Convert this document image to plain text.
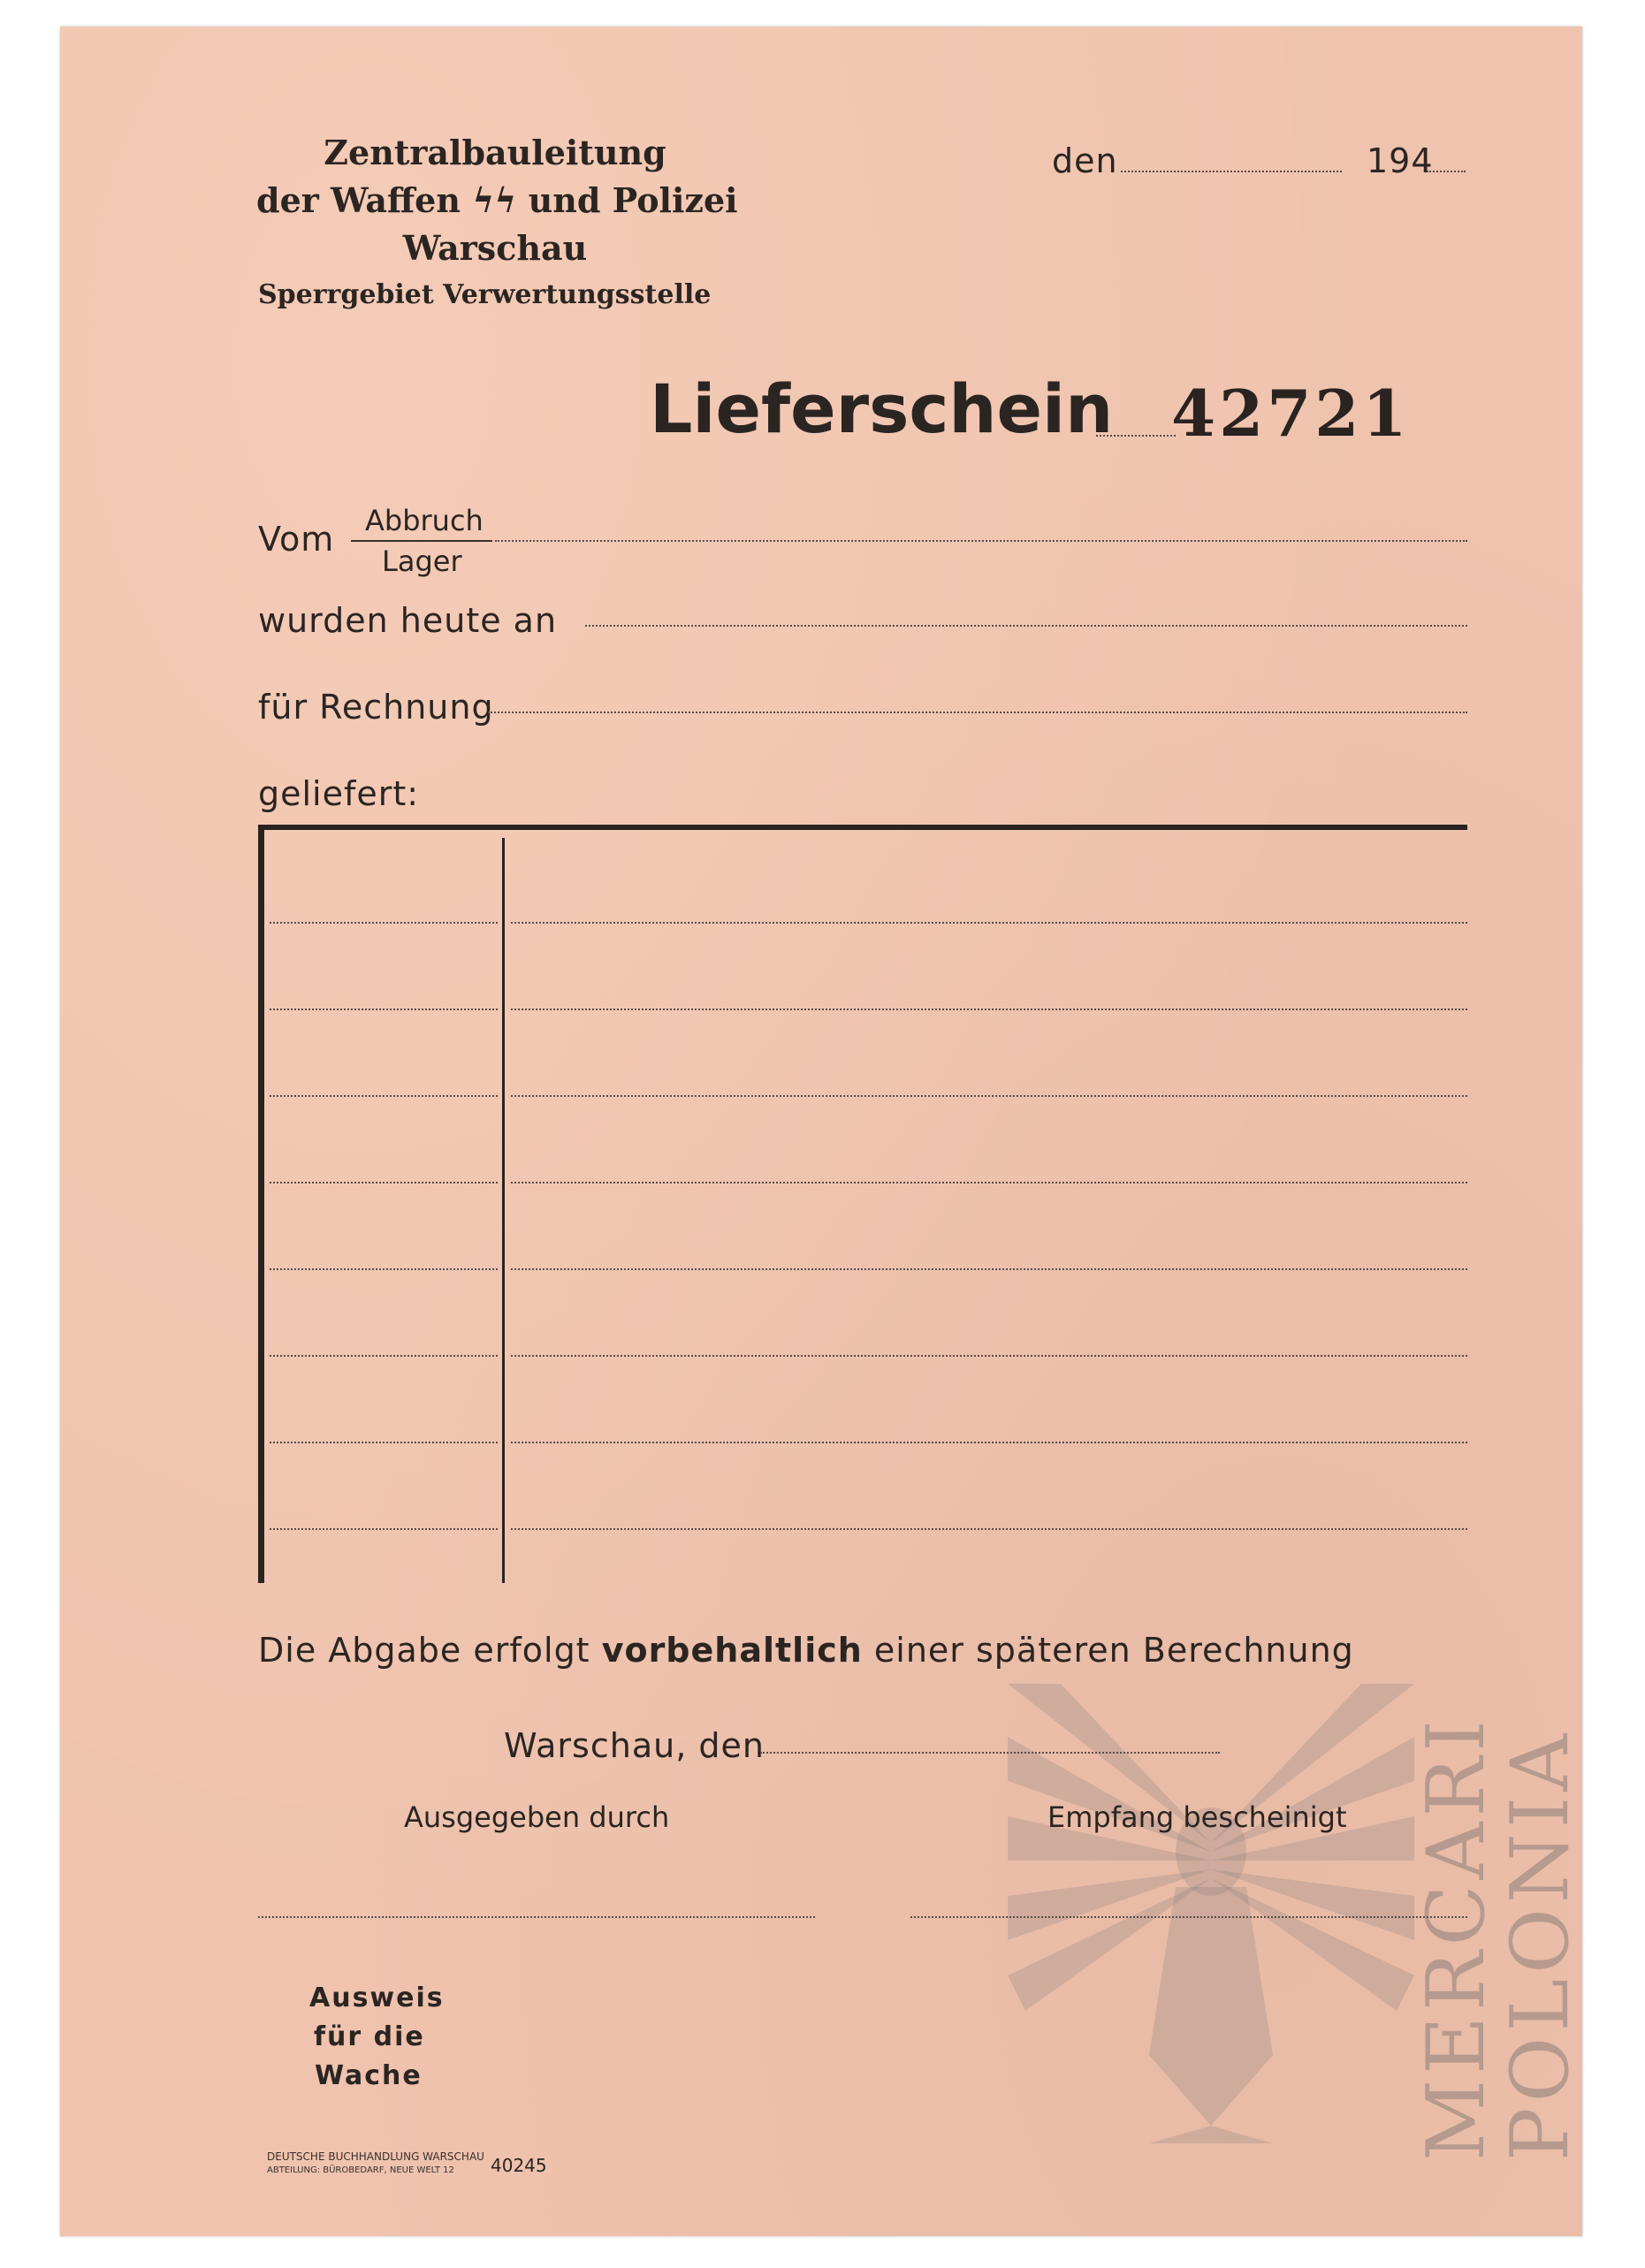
Zentralbauleitung
der Waffen ϟϟ und Polizei
Warschau
Sperrgebiet Verwertungsstelle
den	194
Lieferschein 42721
Vom Abbruch
Lager
wurden heute an
für Rechnung
geliefert:
MERCARI
POLONIA
Die Abgabe erfolgt vorbehaltlich einer späteren Berechnung
Warschau, den
Ausgegeben durch	Empfang bescheinigt
Ausweis
für die
Wache
DEUTSCHE BUCHHANDLUNG WARSCHAU
ABTEILUNG: BÜROBEDARF, NEUE WELT 12	40245
